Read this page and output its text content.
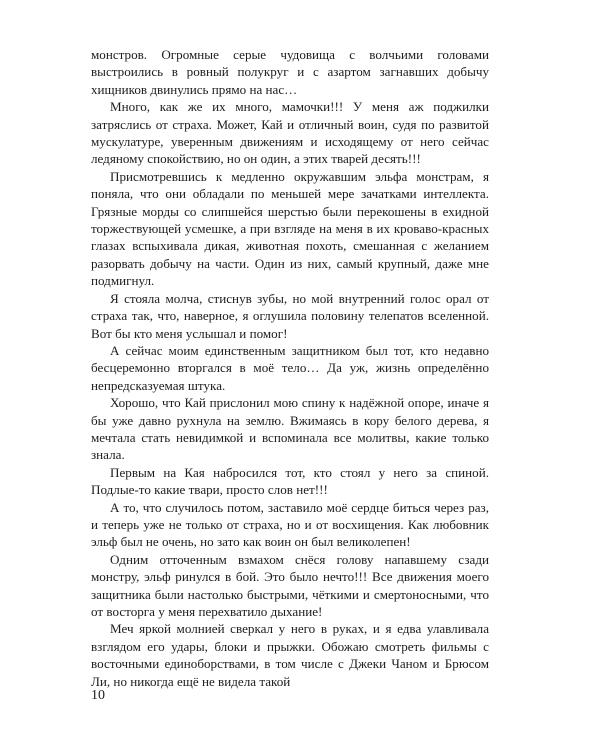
монстров. Огромные серые чудовища с волчьими головами выстроились в ровный полукруг и с азартом загнавших добычу хищников двинулись прямо на нас…

Много, как же их много, мамочки!!! У меня аж поджилки затряслись от страха. Может, Кай и отличный воин, судя по развитой мускулатуре, уверенным движениям и исходящему от него сейчас ледяному спокойствию, но он один, а этих тварей десять!!!

Присмотревшись к медленно окружавшим эльфа монстрам, я поняла, что они обладали по меньшей мере зачатками интеллекта. Грязные морды со слипшейся шерстью были перекошены в ехидной торжествующей усмешке, а при взгляде на меня в их кроваво-красных глазах вспыхивала дикая, животная похоть, смешанная с желанием разорвать добычу на части. Один из них, самый крупный, даже мне подмигнул.

Я стояла молча, стиснув зубы, но мой внутренний голос орал от страха так, что, наверное, я оглушила половину телепатов вселенной. Вот бы кто меня услышал и помог!

А сейчас моим единственным защитником был тот, кто недавно бесцеремонно вторгался в моё тело… Да уж, жизнь определённо непредсказуемая штука.

Хорошо, что Кай прислонил мою спину к надёжной опоре, иначе я бы уже давно рухнула на землю. Вжимаясь в кору белого дерева, я мечтала стать невидимкой и вспоминала все молитвы, какие только знала.

Первым на Кая набросился тот, кто стоял у него за спиной. Подлые-то какие твари, просто слов нет!!!

А то, что случилось потом, заставило моё сердце биться через раз, и теперь уже не только от страха, но и от восхищения. Как любовник эльф был не очень, но зато как воин он был великолепен!

Одним отточенным взмахом снёся голову напавшему сзади монстру, эльф ринулся в бой. Это было нечто!!! Все движения моего защитника были настолько быстрыми, чёткими и смертоносными, что от восторга у меня перехватило дыхание!

Меч яркой молнией сверкал у него в руках, и я едва улавливала взглядом его удары, блоки и прыжки. Обожаю смотреть фильмы с восточными единоборствами, в том числе с Джеки Чаном и Брюсом Ли, но никогда ещё не видела такой

10
